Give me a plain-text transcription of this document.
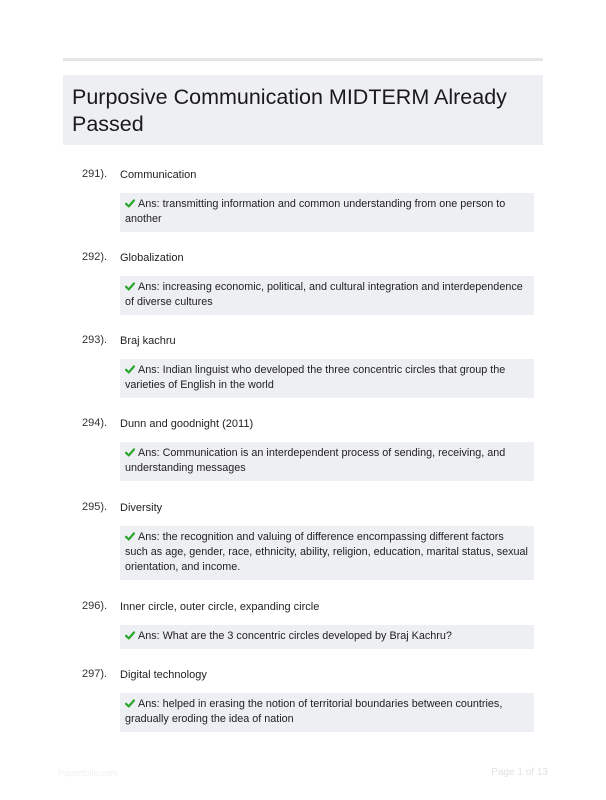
Purposive Communication MIDTERM Already Passed
291). Communication
Ans: transmitting information and common understanding from one person to another
292). Globalization
Ans: increasing economic, political, and cultural integration and interdependence of diverse cultures
293). Braj kachru
Ans: Indian linguist who developed the three concentric circles that group the varieties of English in the world
294). Dunn and goodnight (2011)
Ans: Communication is an interdependent process of sending, receiving, and understanding messages
295). Diversity
Ans: the recognition and valuing of difference encompassing different factors such as age, gender, race, ethnicity, ability, religion, education, marital status, sexual orientation, and income.
296). Inner circle, outer circle, expanding circle
Ans: What are the 3 concentric circles developed by Braj Kachru?
297). Digital technology
Ans: helped in erasing the notion of territorial boundaries between countries, gradually eroding the idea of nation
Paperfolio.com	Page 1 of 13
